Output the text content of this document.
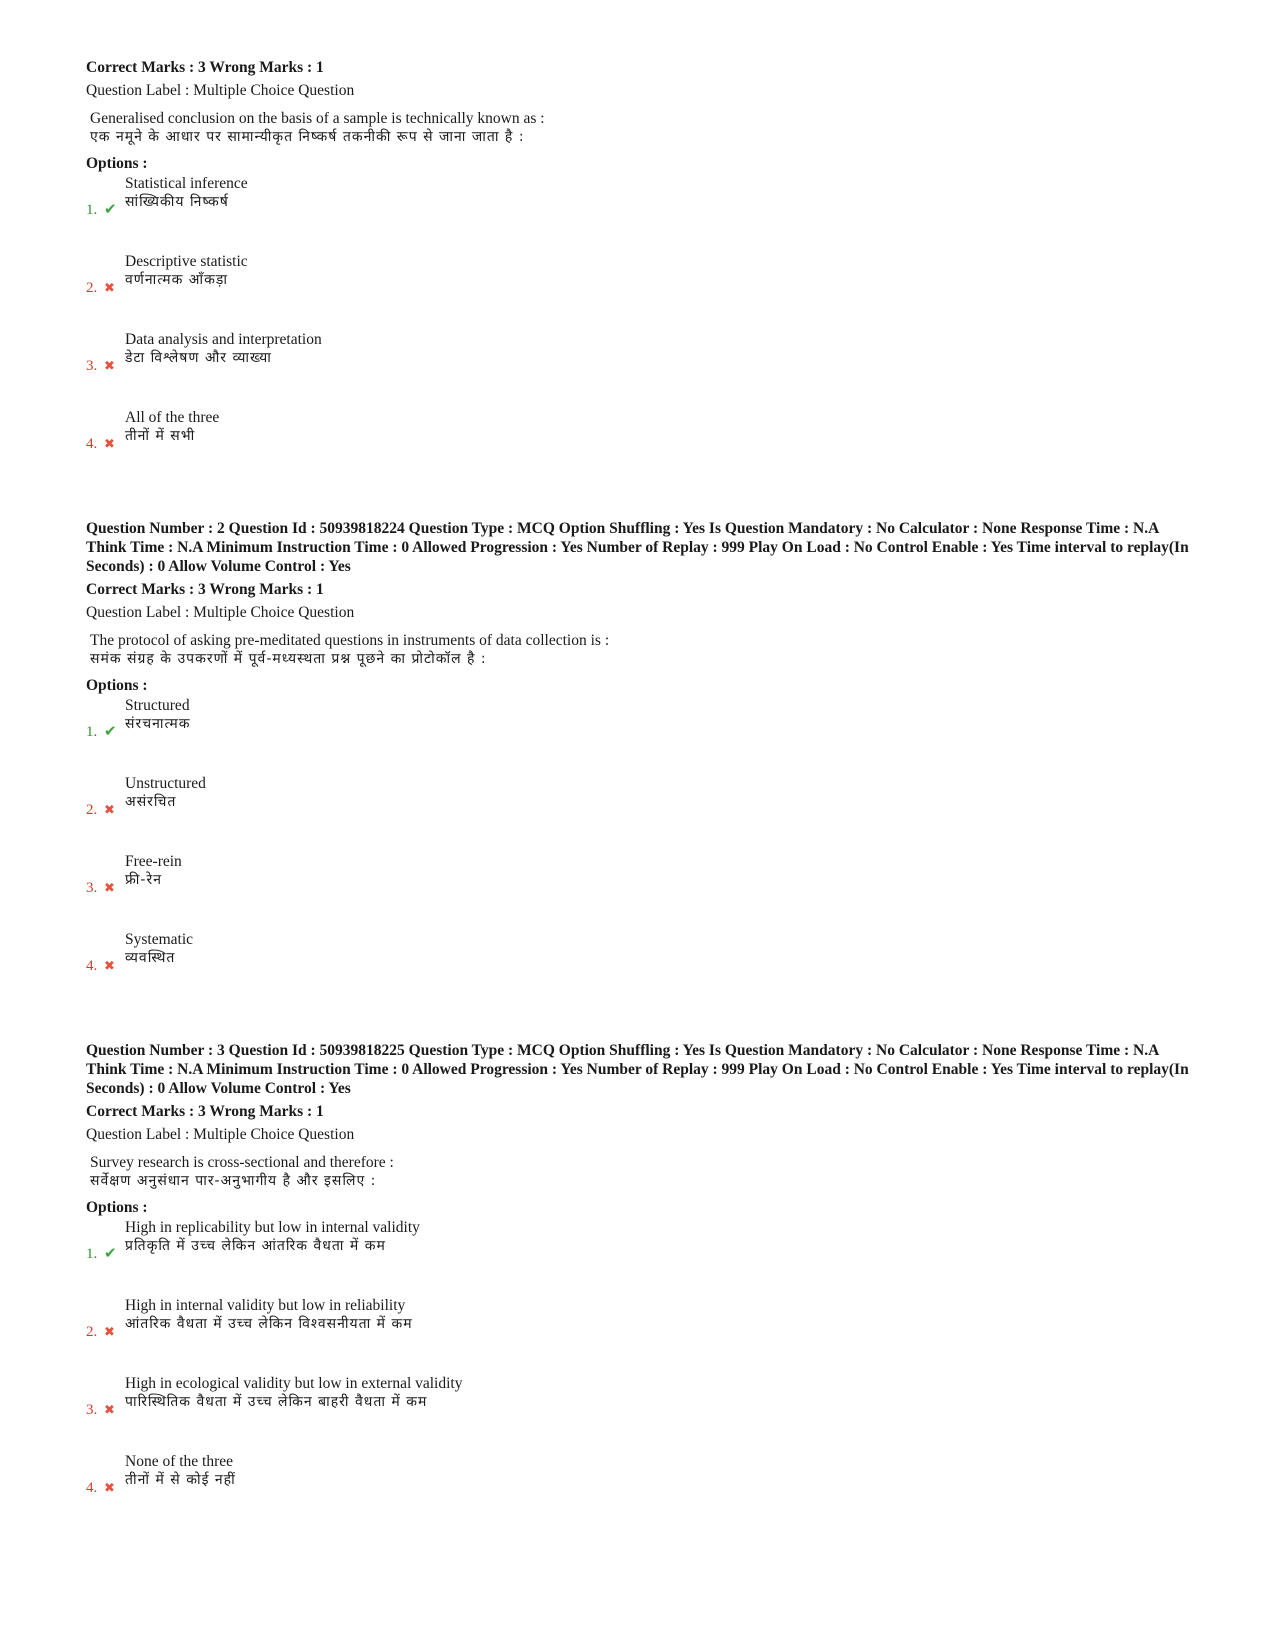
Correct Marks : 3 Wrong Marks : 1
Question Label : Multiple Choice Question
Generalised conclusion on the basis of a sample is technically known as :
एक नमूने के आधार पर सामान्यीकृत निष्कर्ष तकनीकी रूप से जाना जाता है :
Options :
1. ✔
Statistical inference
सांख्यिकीय निष्कर्ष
2. ✖
Descriptive statistic
वर्णनात्मक आँकड़ा
3. ✖
Data analysis and interpretation
डेटा विश्लेषण और व्याख्या
4. ✖
All of the three
तीनों में सभी
Question Number : 2 Question Id : 50939818224 Question Type : MCQ Option Shuffling : Yes Is Question Mandatory : No Calculator : None Response Time : N.A Think Time : N.A Minimum Instruction Time : 0 Allowed Progression : Yes Number of Replay : 999 Play On Load : No Control Enable : Yes Time interval to replay(In Seconds) : 0 Allow Volume Control : Yes
Correct Marks : 3 Wrong Marks : 1
Question Label : Multiple Choice Question
The protocol of asking pre-meditated questions in instruments of data collection is :
समंक संग्रह के उपकरणों में पूर्व-मध्यस्थता प्रश्न पूछने का प्रोटोकॉल है :
Options :
1. ✔
Structured
संरचनात्मक
2. ✖
Unstructured
असंरचित
3. ✖
Free-rein
फ्री-रेन
4. ✖
Systematic
व्यवस्थित
Question Number : 3 Question Id : 50939818225 Question Type : MCQ Option Shuffling : Yes Is Question Mandatory : No Calculator : None Response Time : N.A Think Time : N.A Minimum Instruction Time : 0 Allowed Progression : Yes Number of Replay : 999 Play On Load : No Control Enable : Yes Time interval to replay(In Seconds) : 0 Allow Volume Control : Yes
Correct Marks : 3 Wrong Marks : 1
Question Label : Multiple Choice Question
Survey research is cross-sectional and therefore :
सर्वेक्षण अनुसंधान पार-अनुभागीय है और इसलिए :
Options :
1. ✔
High in replicability but low in internal validity
प्रतिकृति में उच्च लेकिन आंतरिक वैधता में कम
2. ✖
High in internal validity but low in reliability
आंतरिक वैधता में उच्च लेकिन विश्वसनीयता में कम
3. ✖
High in ecological validity but low in external validity
पारिस्थितिक वैधता में उच्च लेकिन बाहरी वैधता में कम
4. ✖
None of the three
तीनों में से कोई नहीं
